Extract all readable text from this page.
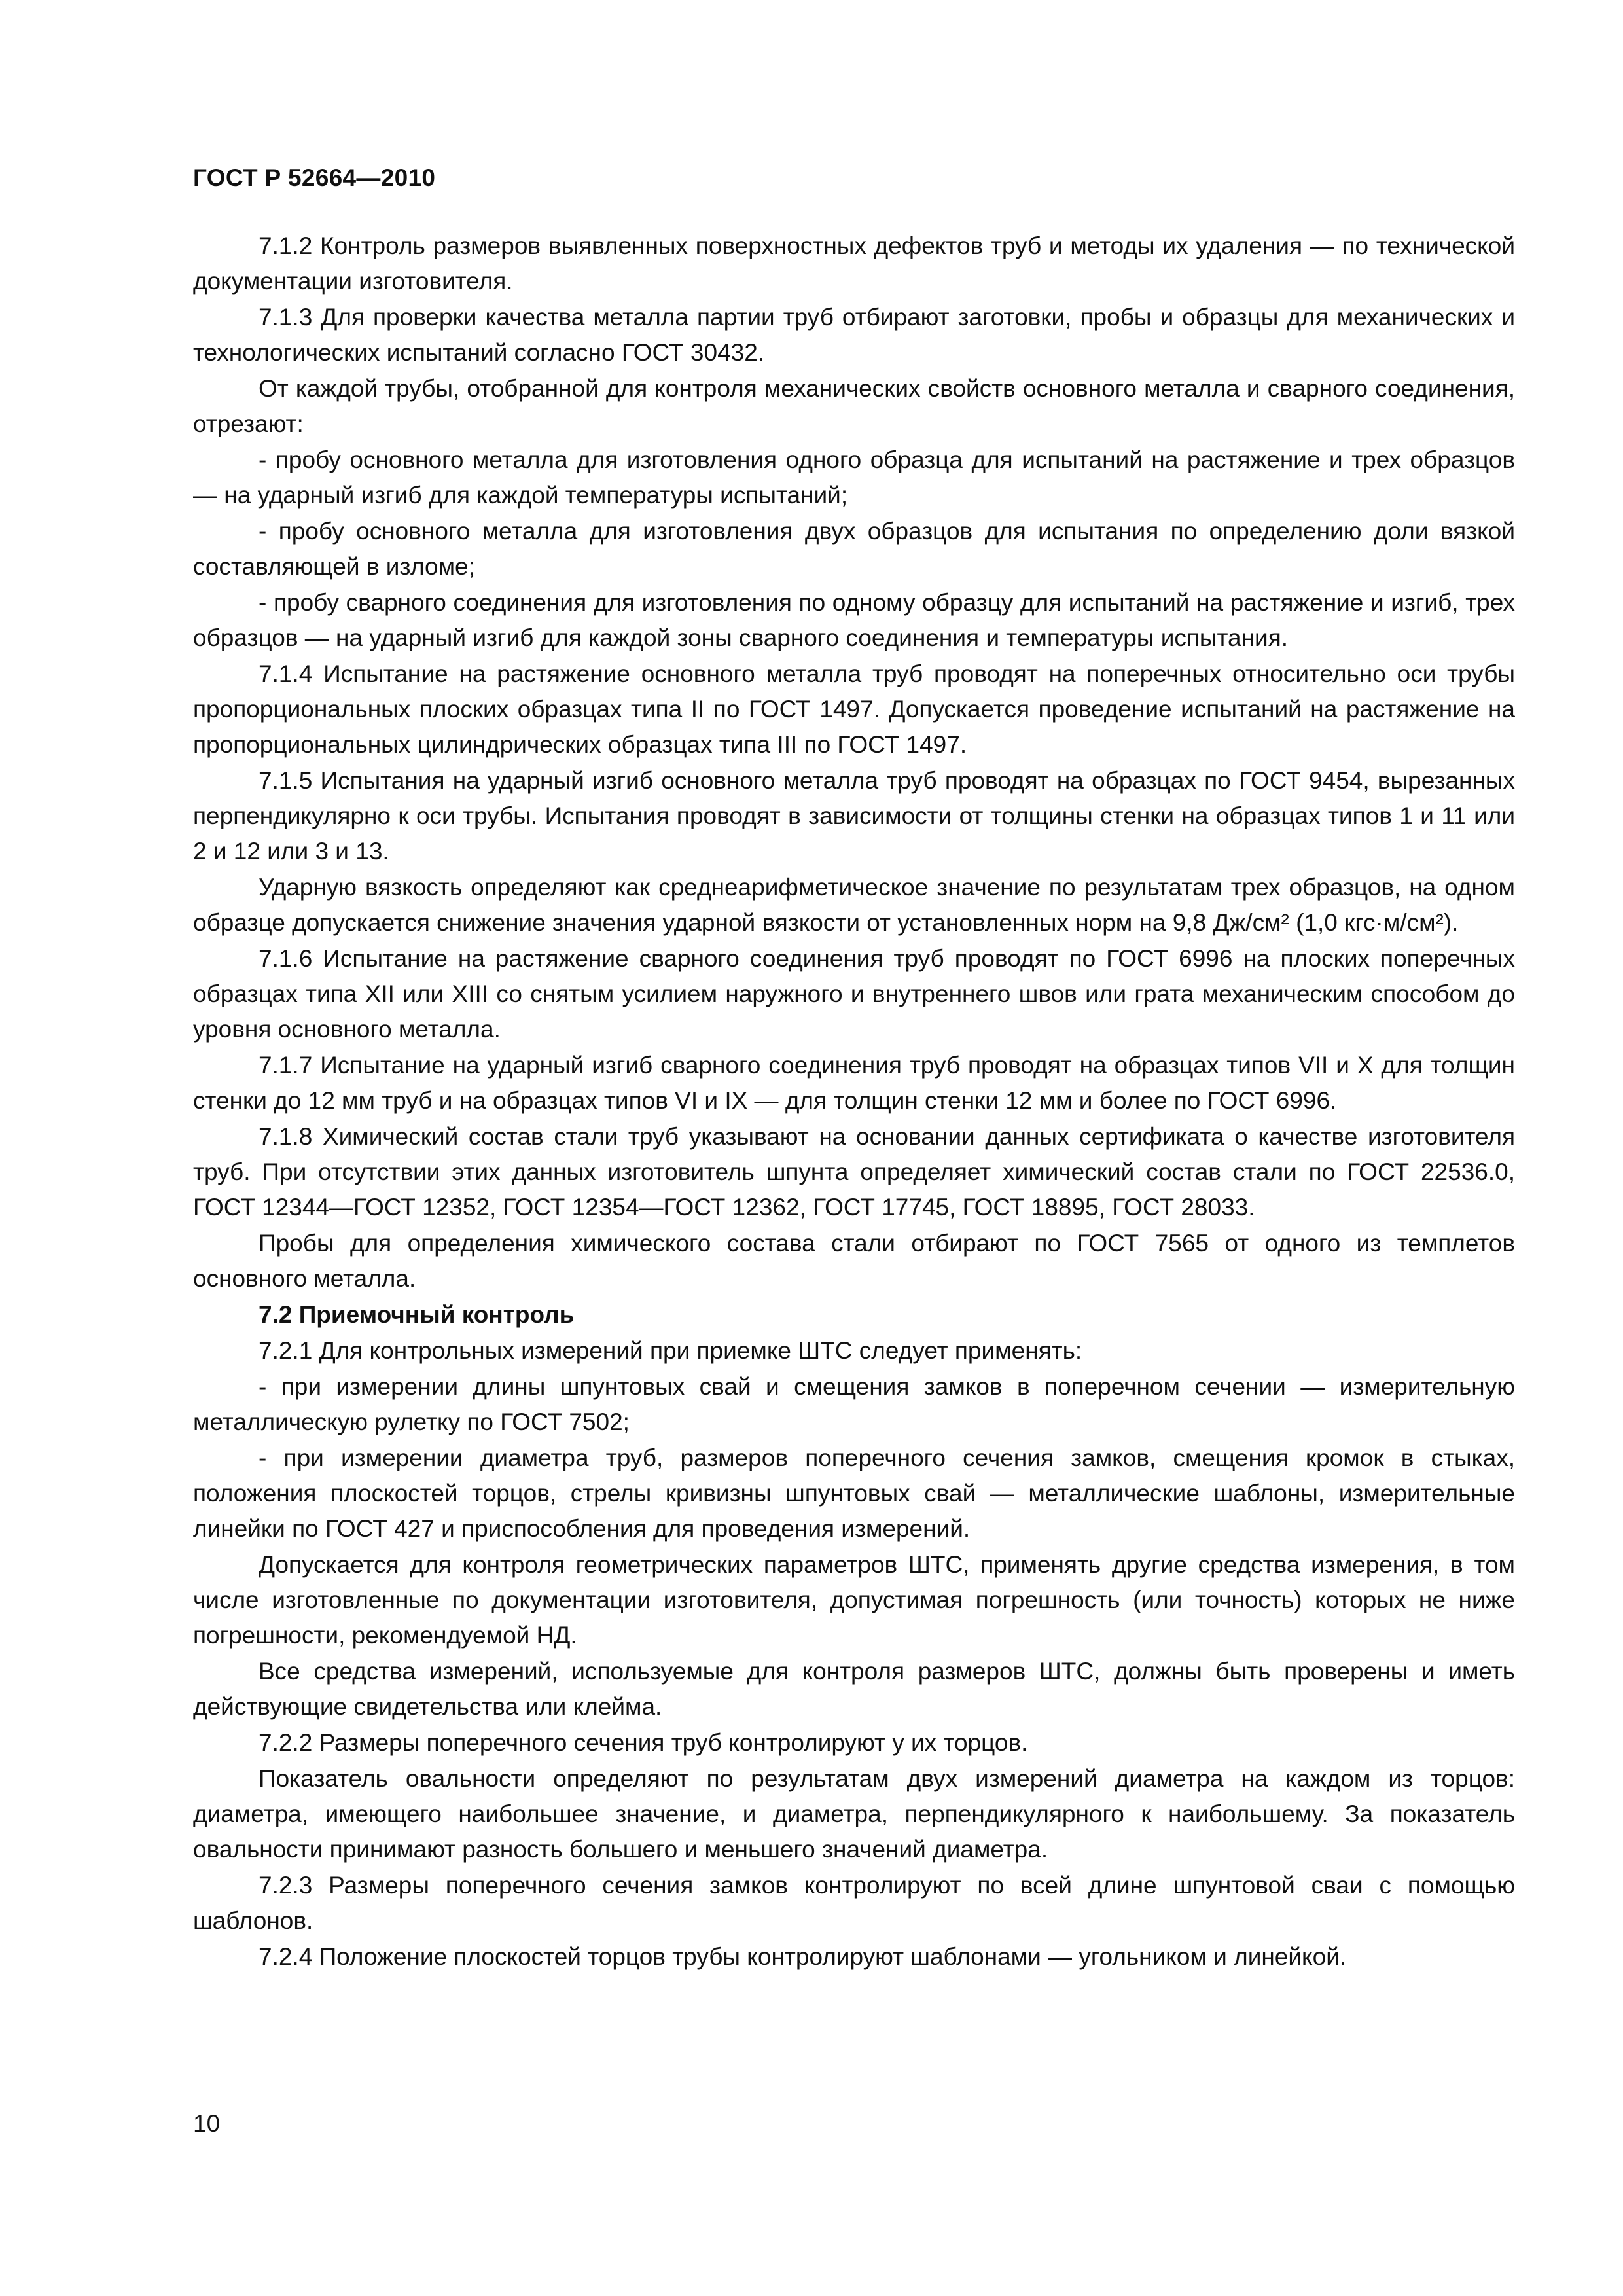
ГОСТ Р 52664—2010

7.1.2 Контроль размеров выявленных поверхностных дефектов труб и методы их удаления — по технической документации изготовителя.

7.1.3 Для проверки качества металла партии труб отбирают заготовки, пробы и образцы для механических и технологических испытаний согласно ГОСТ 30432.

От каждой трубы, отобранной для контроля механических свойств основного металла и сварного соединения, отрезают:

- пробу основного металла для изготовления одного образца для испытаний на растяжение и трех образцов — на ударный изгиб для каждой температуры испытаний;

- пробу основного металла для изготовления двух образцов для испытания по определению доли вязкой составляющей в изломе;

- пробу сварного соединения для изготовления по одному образцу для испытаний на растяжение и изгиб, трех образцов — на ударный изгиб для каждой зоны сварного соединения и температуры испытания.

7.1.4 Испытание на растяжение основного металла труб проводят на поперечных относительно оси трубы пропорциональных плоских образцах типа II по ГОСТ 1497. Допускается проведение испытаний на растяжение на пропорциональных цилиндрических образцах типа III по ГОСТ 1497.

7.1.5 Испытания на ударный изгиб основного металла труб проводят на образцах по ГОСТ 9454, вырезанных перпендикулярно к оси трубы. Испытания проводят в зависимости от толщины стенки на образцах типов 1 и 11 или 2 и 12 или 3 и 13.

Ударную вязкость определяют как среднеарифметическое значение по результатам трех образцов, на одном образце допускается снижение значения ударной вязкости от установленных норм на 9,8 Дж/см² (1,0 кгс·м/см²).

7.1.6 Испытание на растяжение сварного соединения труб проводят по ГОСТ 6996 на плоских поперечных образцах типа XII или XIII со снятым усилием наружного и внутреннего швов или грата механическим способом до уровня основного металла.

7.1.7 Испытание на ударный изгиб сварного соединения труб проводят на образцах типов VII и X для толщин стенки до 12 мм труб и на образцах типов VI и IX — для толщин стенки 12 мм и более по ГОСТ 6996.

7.1.8 Химический состав стали труб указывают на основании данных сертификата о качестве изготовителя труб. При отсутствии этих данных изготовитель шпунта определяет химический состав стали по ГОСТ 22536.0, ГОСТ 12344—ГОСТ 12352, ГОСТ 12354—ГОСТ 12362, ГОСТ 17745, ГОСТ 18895, ГОСТ 28033.

Пробы для определения химического состава стали отбирают по ГОСТ 7565 от одного из темплетов основного металла.

7.2 Приемочный контроль

7.2.1 Для контрольных измерений при приемке ШТС следует применять:

- при измерении длины шпунтовых свай и смещения замков в поперечном сечении — измерительную металлическую рулетку по ГОСТ 7502;

- при измерении диаметра труб, размеров поперечного сечения замков, смещения кромок в стыках, положения плоскостей торцов, стрелы кривизны шпунтовых свай — металлические шаблоны, измерительные линейки по ГОСТ 427 и приспособления для проведения измерений.

Допускается для контроля геометрических параметров ШТС, применять другие средства измерения, в том числе изготовленные по документации изготовителя, допустимая погрешность (или точность) которых не ниже погрешности, рекомендуемой НД.

Все средства измерений, используемые для контроля размеров ШТС, должны быть проверены и иметь действующие свидетельства или клейма.

7.2.2 Размеры поперечного сечения труб контролируют у их торцов.

Показатель овальности определяют по результатам двух измерений диаметра на каждом из торцов: диаметра, имеющего наибольшее значение, и диаметра, перпендикулярного к наибольшему. За показатель овальности принимают разность большего и меньшего значений диаметра.

7.2.3 Размеры поперечного сечения замков контролируют по всей длине шпунтовой сваи с помощью шаблонов.

7.2.4 Положение плоскостей торцов трубы контролируют шаблонами — угольником и линейкой.

10
